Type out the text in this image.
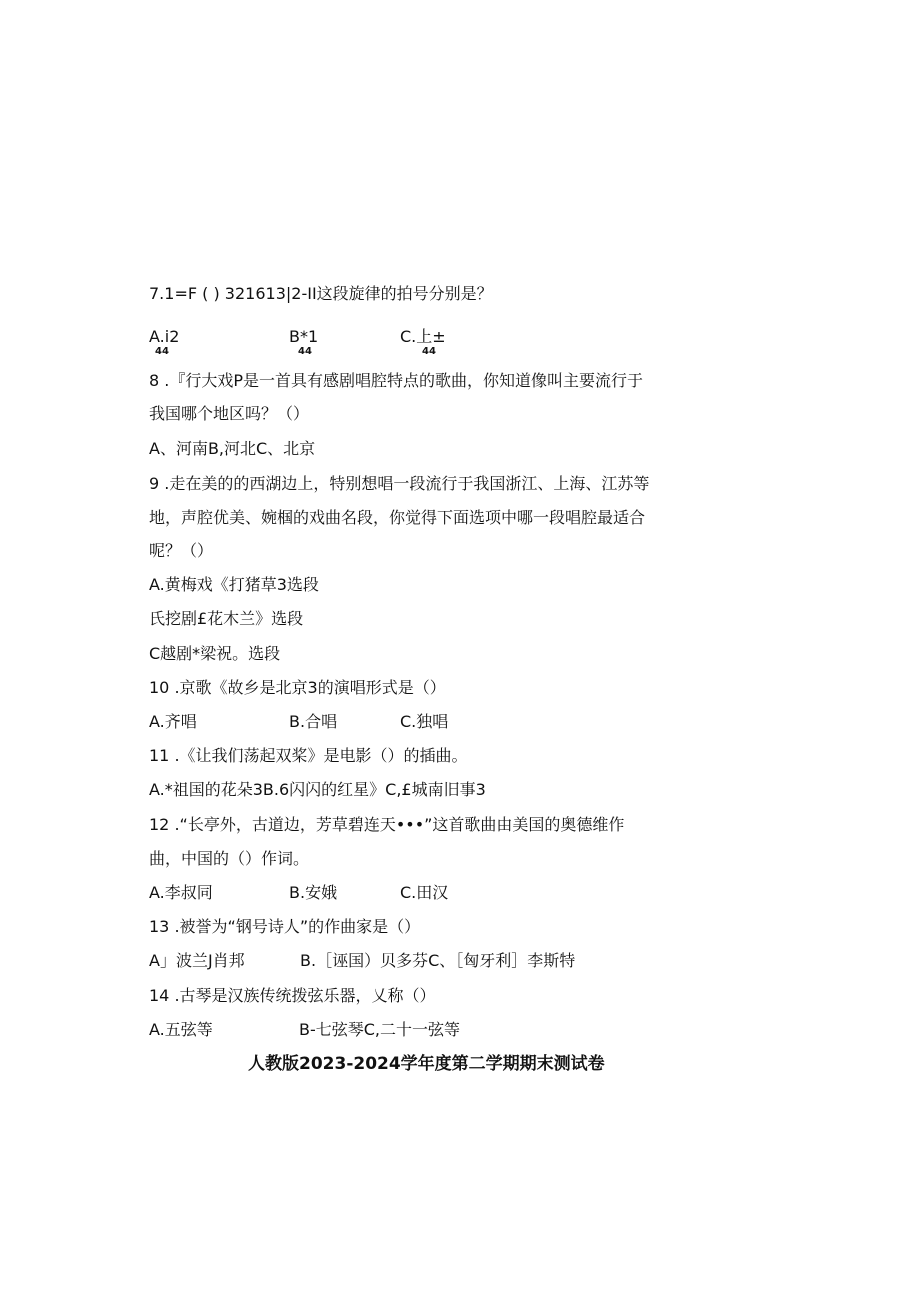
7.1=F ( ) 321613|2-II这段旋律的拍号分别是？
A.i2
44
B*1
44
C.上±
44
8 .『行大戏P是一首具有感剧唱腔特点的歌曲，你知道像叫主要流行于
我国哪个地区吗？（）
A、河南B,河北C、北京
9 .走在美的的西湖边上，特别想唱一段流行于我国浙江、上海、江苏等
地，声腔优美、婉椢的戏曲名段，你觉得下面选项中哪一段唱腔最适合
呢？（）
A.黄梅戏《打猪草3选段
氏挖剧£花木兰》选段
C越剧*梁祝。选段
10 .京歌《故乡是北京3的演唱形式是（）
A.齐唱	B.合唱	C.独唱
11 .《让我们荡起双桨》是电影（）的插曲。
A.*祖国的花朵3B.6闪闪的红星》C,£城南旧事3
12 .“长亭外，古道边，芳草碧连天•••”这首歌曲由美国的奥德维作
曲，中国的（）作词。
A.李叔同	B.安娥	C.田汉
13 .被誉为“钢号诗人”的作曲家是（）
A」波兰J肖邦	B.［诬国）贝多芬C、［匈牙利］李斯特
14 .古琴是汉族传统拨弦乐器，乂称（）
A.五弦等	B-七弦琴C,二十一弦等
人教版2023-2024学年度第二学期期末测试卷
